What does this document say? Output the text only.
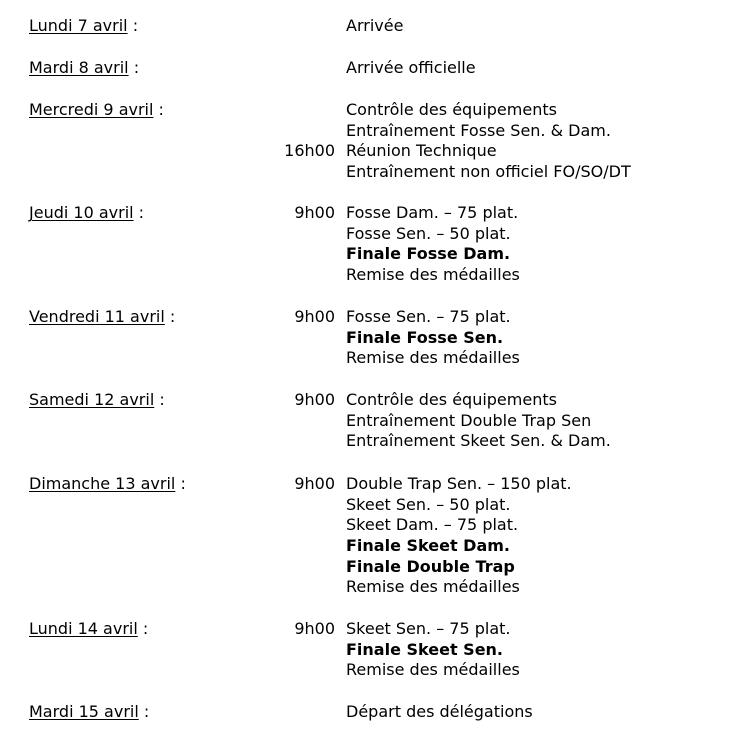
Lundi 7 avril :	Arrivée
Mardi 8 avril :	Arrivée officielle
Mercredi 9 avril :	Contrôle des équipements
Entraînement Fosse Sen. & Dam.
16h00 Réunion Technique
Entraînement non officiel FO/SO/DT
Jeudi 10 avril :	9h00 Fosse Dam. – 75 plat.
Fosse Sen. – 50 plat.
Finale Fosse Dam.
Remise des médailles
Vendredi 11 avril :	9h00 Fosse Sen. – 75 plat.
Finale Fosse Sen.
Remise des médailles
Samedi 12 avril :	9h00 Contrôle des équipements
Entraînement Double Trap Sen
Entraînement Skeet Sen. & Dam.
Dimanche 13 avril :	9h00 Double Trap Sen. – 150 plat.
Skeet Sen. – 50 plat.
Skeet Dam. – 75 plat.
Finale Skeet Dam.
Finale Double Trap
Remise des médailles
Lundi 14 avril :	9h00 Skeet Sen. – 75 plat.
Finale Skeet Sen.
Remise des médailles
Mardi 15 avril :	Départ des délégations
